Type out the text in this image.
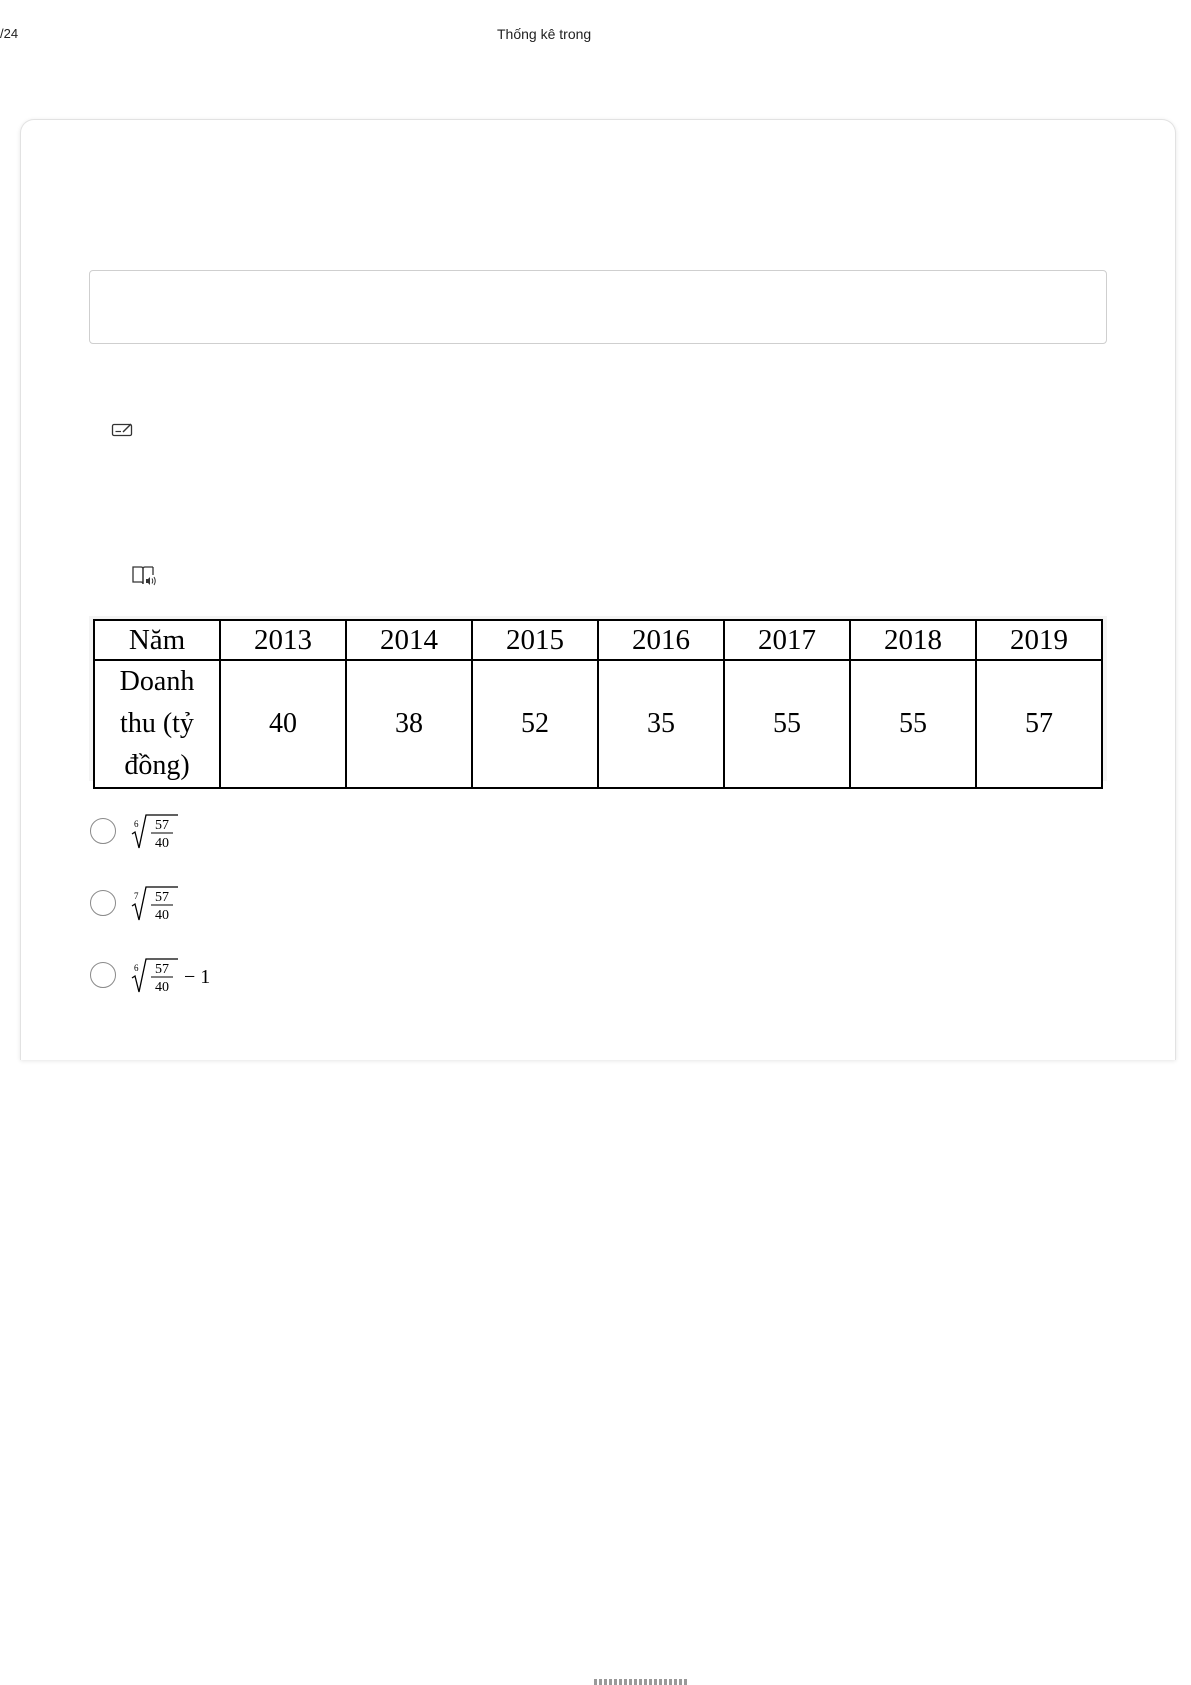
/24	Thống kê trong
Năm	2013	2014	2015	2016	2017	2018	2019
Doanh
thu (tỷ
đồng)	40	38	52	35	55	55	57
6 57
40
7 57
40
6 57
40 − 1
